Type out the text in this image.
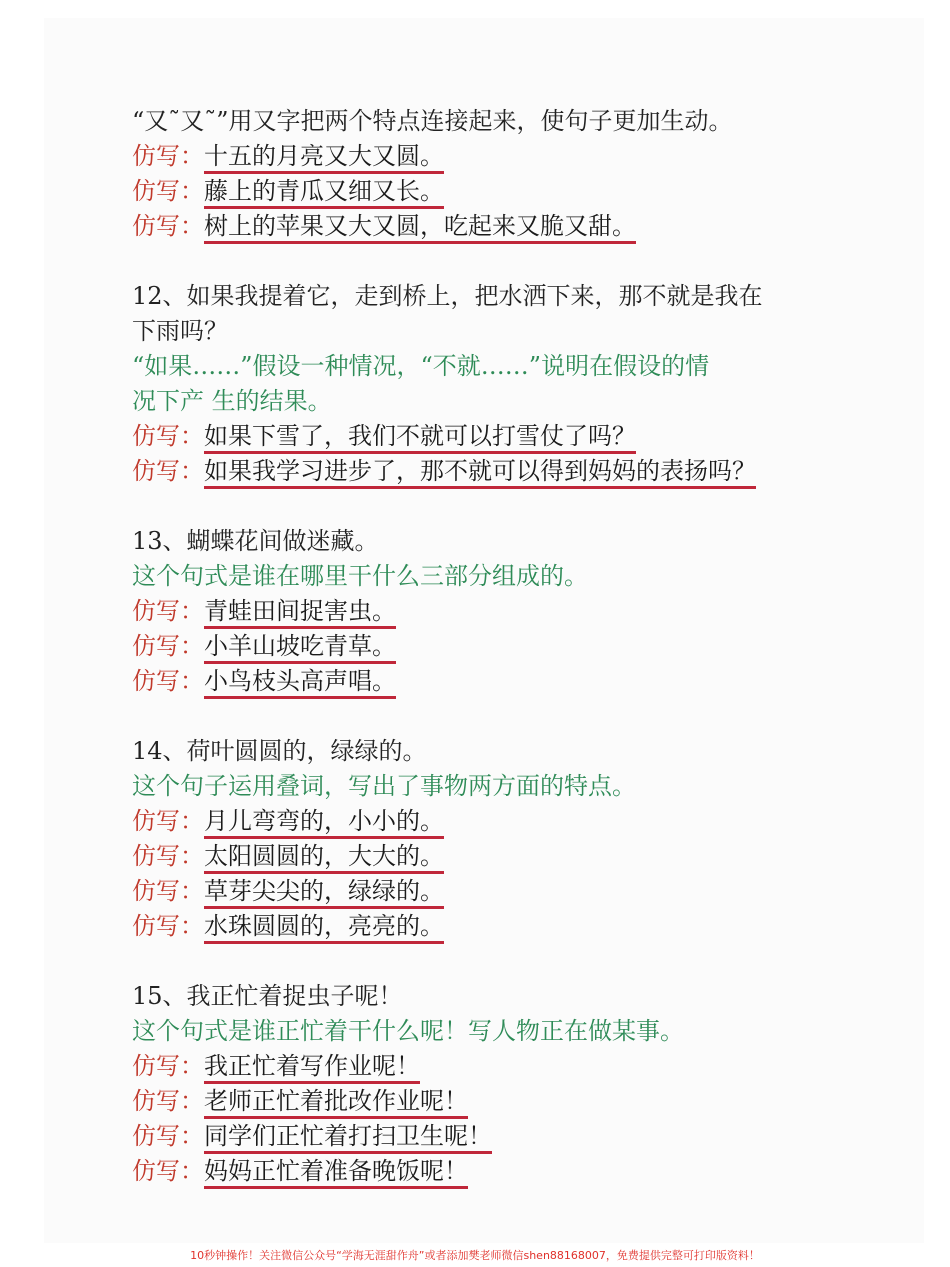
“又˜又˜”用又字把两个特点连接起来，使句子更加生动。
仿写：十五的月亮又大又圆。
仿写：藤上的青瓜又细又长。
仿写：树上的苹果又大又圆，吃起来又脆又甜。
12、如果我提着它，走到桥上，把水洒下来，那不就是我在
下雨吗？
“如果……”假设一种情况，“不就……”说明在假设的情
况下产 生的结果。
仿写：如果下雪了，我们不就可以打雪仗了吗？
仿写：如果我学习进步了，那不就可以得到妈妈的表扬吗？
13、蝴蝶花间做迷藏。
这个句式是谁在哪里干什么三部分组成的。
仿写：青蛙田间捉害虫。
仿写：小羊山坡吃青草。
仿写：小鸟枝头高声唱。
14、荷叶圆圆的，绿绿的。
这个句子运用叠词，写出了事物两方面的特点。
仿写：月儿弯弯的，小小的。
仿写：太阳圆圆的，大大的。
仿写：草芽尖尖的，绿绿的。
仿写：水珠圆圆的，亮亮的。
15、我正忙着捉虫子呢！
这个句式是谁正忙着干什么呢！写人物正在做某事。
仿写：我正忙着写作业呢！
仿写：老师正忙着批改作业呢！
仿写：同学们正忙着打扫卫生呢！
仿写：妈妈正忙着准备晚饭呢！
10秒钟操作！关注微信公众号“学海无涯甜作舟”或者添加樊老师微信shen88168007，免费提供完整可打印版资料！
